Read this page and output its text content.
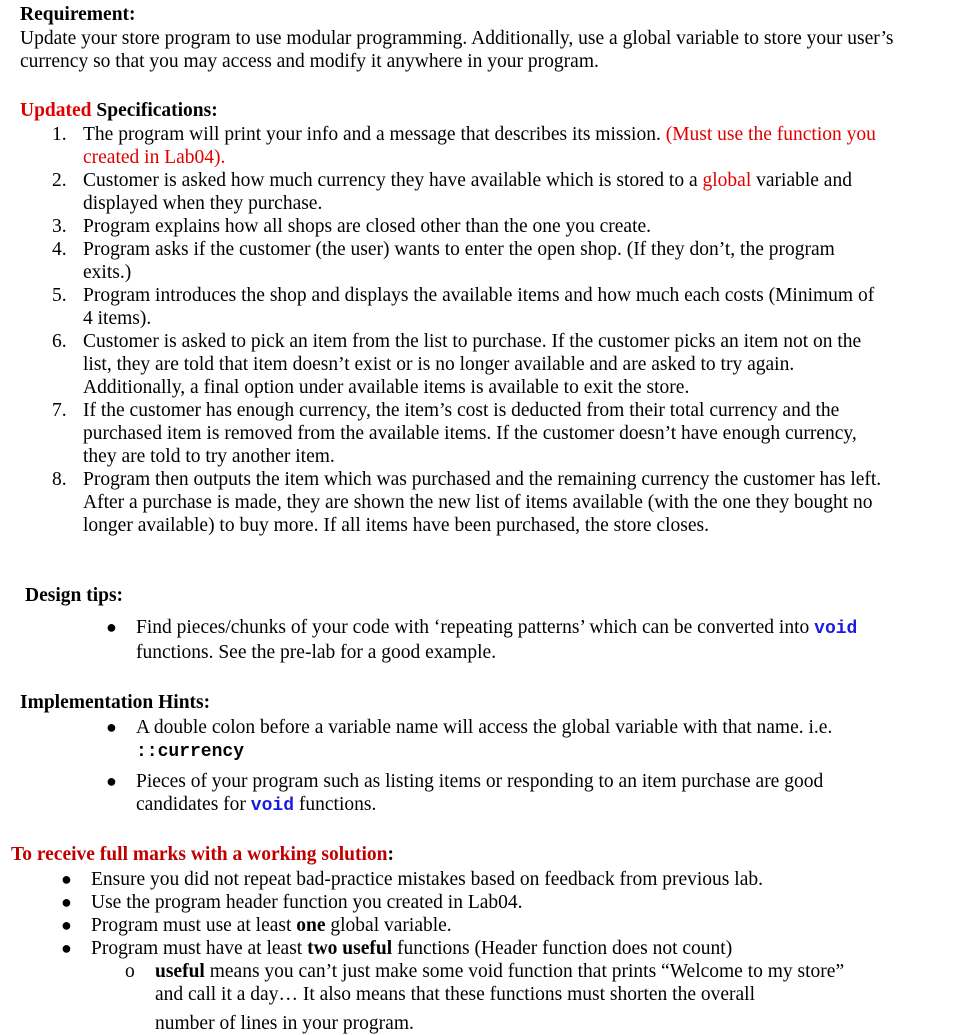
Requirement:
Update your store program to use modular programming. Additionally, use a global variable to store your user’s currency so that you may access and modify it anywhere in your program.
Updated Specifications:
1. The program will print your info and a message that describes its mission. (Must use the function you created in Lab04).
2. Customer is asked how much currency they have available which is stored to a global variable and displayed when they purchase.
3. Program explains how all shops are closed other than the one you create.
4. Program asks if the customer (the user) wants to enter the open shop. (If they don’t, the program exits.)
5. Program introduces the shop and displays the available items and how much each costs (Minimum of 4 items).
6. Customer is asked to pick an item from the list to purchase. If the customer picks an item not on the list, they are told that item doesn’t exist or is no longer available and are asked to try again. Additionally, a final option under available items is available to exit the store.
7. If the customer has enough currency, the item’s cost is deducted from their total currency and the purchased item is removed from the available items. If the customer doesn’t have enough currency, they are told to try another item.
8. Program then outputs the item which was purchased and the remaining currency the customer has left. After a purchase is made, they are shown the new list of items available (with the one they bought no longer available) to buy more. If all items have been purchased, the store closes.
Design tips:
● Find pieces/chunks of your code with ‘repeating patterns’ which can be converted into void functions. See the pre-lab for a good example.
Implementation Hints:
● A double colon before a variable name will access the global variable with that name. i.e. ::currency
● Pieces of your program such as listing items or responding to an item purchase are good candidates for void functions.
To receive full marks with a working solution:
● Ensure you did not repeat bad-practice mistakes based on feedback from previous lab.
● Use the program header function you created in Lab04.
● Program must use at least one global variable.
● Program must have at least two useful functions (Header function does not count)
o useful means you can’t just make some void function that prints “Welcome to my store” and call it a day… It also means that these functions must shorten the overall
number of lines in your program.
